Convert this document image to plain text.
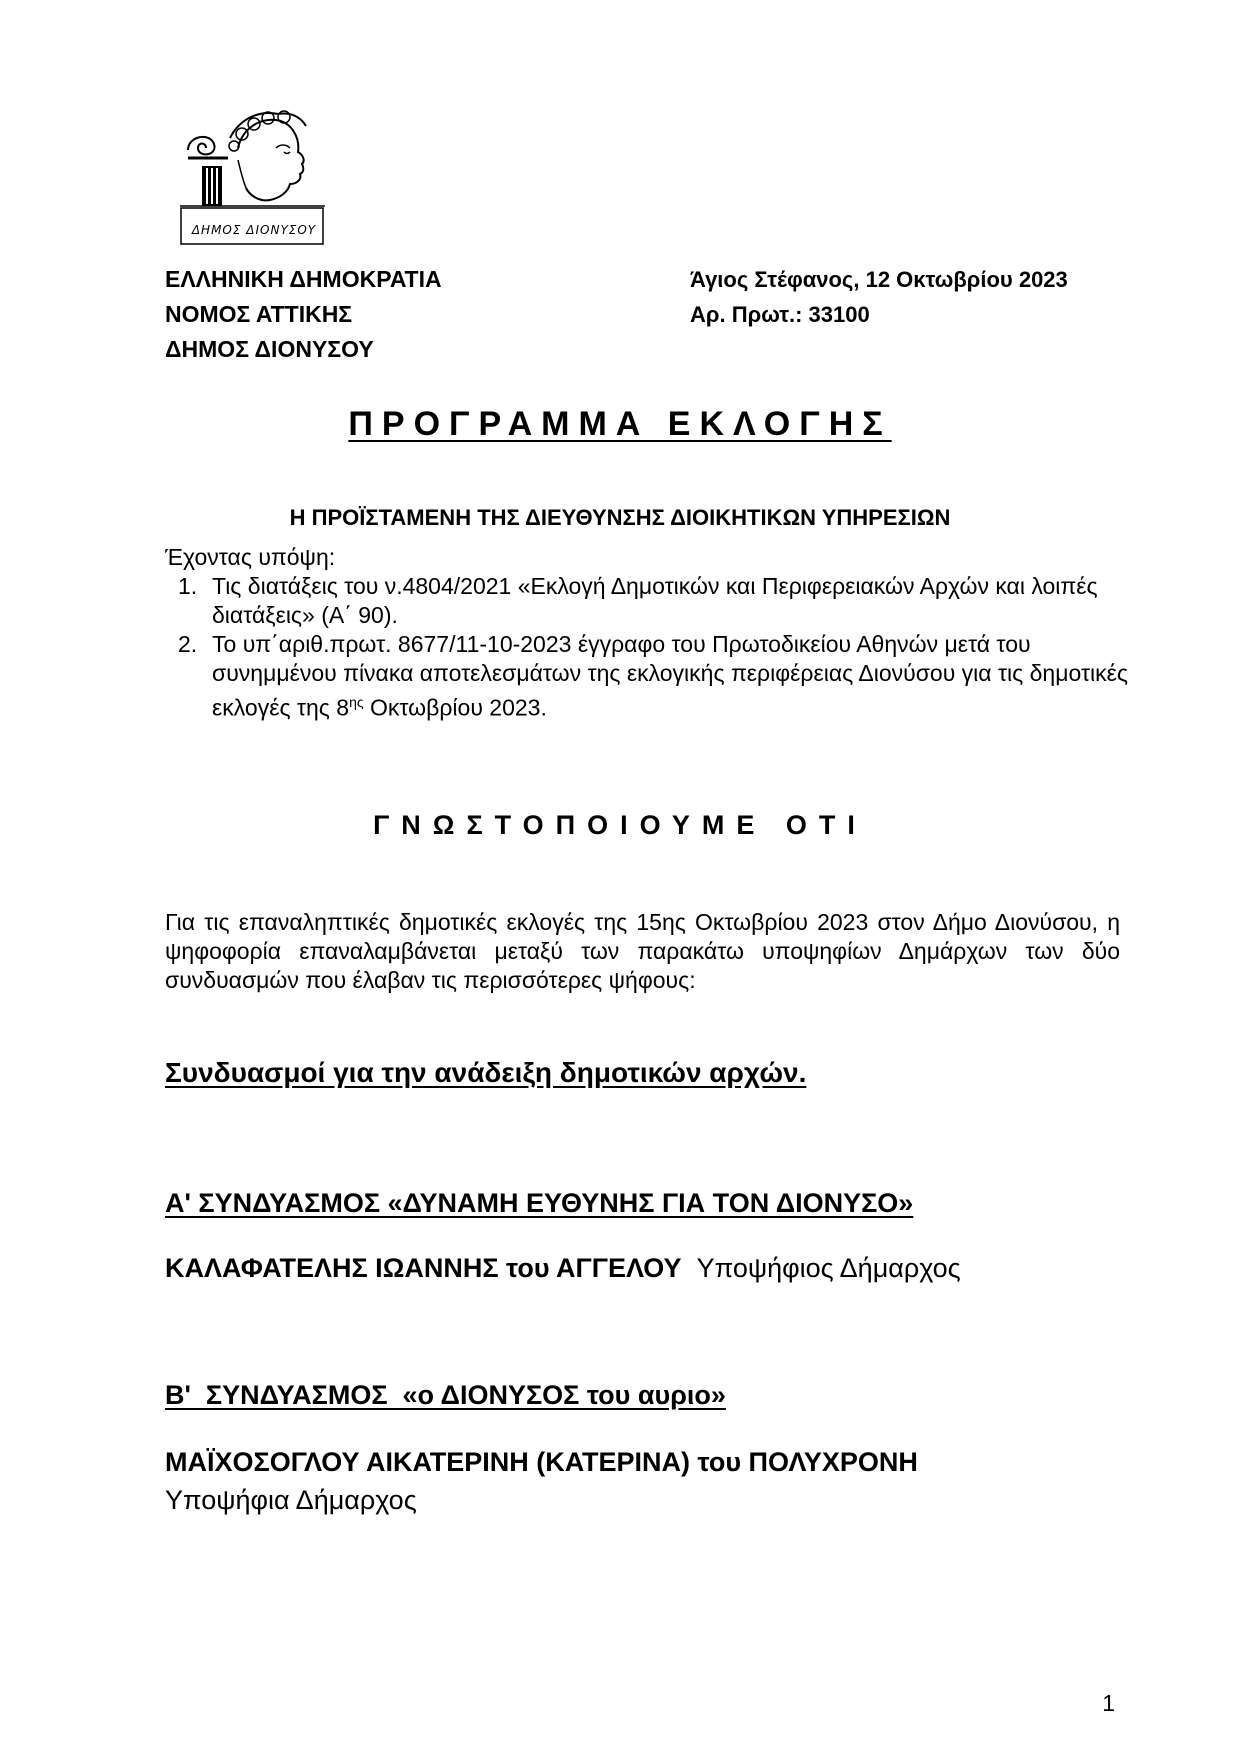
ΔΗΜΟΣ ΔΙΟΝΥΣΟΥ
ΕΛΛΗΝΙΚΗ ΔΗΜΟΚΡΑΤΙΑ
ΝΟΜΟΣ ΑΤΤΙΚΗΣ
ΔΗΜΟΣ ΔΙΟΝΥΣΟΥ
Άγιος Στέφανος, 12 Οκτωβρίου 2023
Αρ. Πρωτ.: 33100
ΠΡΟΓΡΑΜΜΑ ΕΚΛΟΓΗΣ
Η ΠΡΟΪΣΤΑΜΕΝΗ ΤΗΣ ΔΙΕΥΘΥΝΣΗΣ ΔΙΟΙΚΗΤΙΚΩΝ ΥΠΗΡΕΣΙΩΝ
Έχοντας υπόψη:
1. Τις διατάξεις του ν.4804/2021 «Εκλογή Δημοτικών και Περιφερειακών Αρχών και λοιπές διατάξεις» (Α΄ 90).
2. Το υπ΄αριθ.πρωτ. 8677/11-10-2023 έγγραφο του Πρωτοδικείου Αθηνών μετά του συνημμένου πίνακα αποτελεσμάτων της εκλογικής περιφέρειας Διονύσου για τις δημοτικές εκλογές της $8^{\eta\varsigma}$ Οκτωβρίου 2023.
ΓΝΩΣΤΟΠΟΙΟΥΜΕ ΟΤΙ
Για τις επαναληπτικές δημοτικές εκλογές της 15ης Οκτωβρίου 2023 στον Δήμο Διονύσου, η ψηφοφορία επαναλαμβάνεται μεταξύ των παρακάτω υποψηφίων Δημάρχων των δύο συνδυασμών που έλαβαν τις περισσότερες ψήφους:
Συνδυασμοί για την ανάδειξη δημοτικών αρχών.
Α' ΣΥΝΔΥΑΣΜΟΣ «ΔΥΝΑΜΗ ΕΥΘΥΝΗΣ ΓΙΑ ΤΟΝ ΔΙΟΝΥΣΟ»
ΚΑΛΑΦΑΤΕΛΗΣ ΙΩΑΝΝΗΣ του ΑΓΓΕΛΟΥ Υποψήφιος Δήμαρχος
Β'  ΣΥΝΔΥΑΣΜΟΣ  «ο ΔΙΟΝΥΣΟΣ του αυριο»
ΜΑΪΧΟΣΟΓΛΟΥ ΑΙΚΑΤΕΡΙΝΗ (ΚΑΤΕΡΙΝΑ) του ΠΟΛΥΧΡΟΝΗ
Υποψήφια Δήμαρχος
1
